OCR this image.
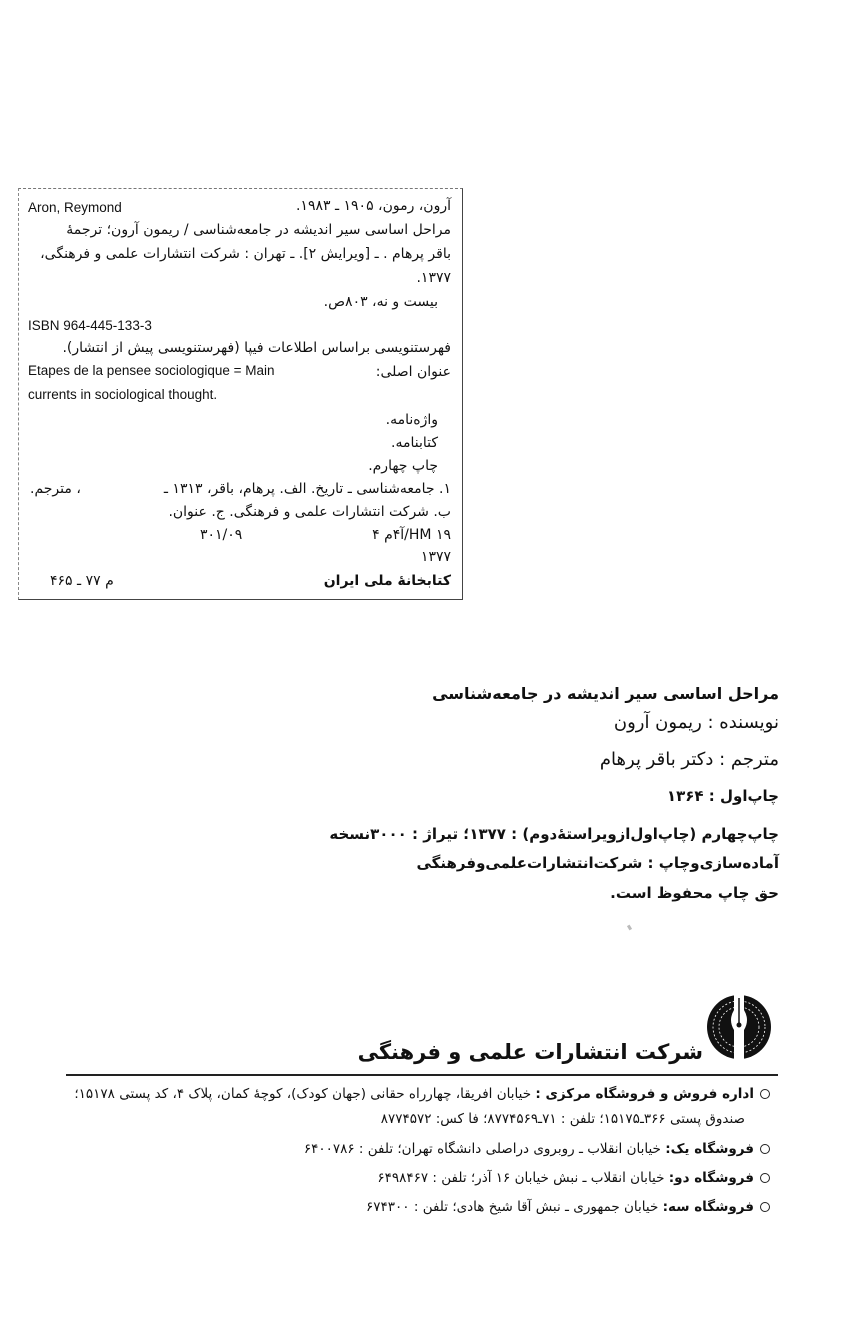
Aron, Reymond	آرون، رمون، ۱۹۰۵ ـ ۱۹۸۳.
مراحل اساسی سیر اندیشه در جامعه‌شناسی / ریمون آرون؛ ترجمهٔ
باقر پرهام . ـ [ویرایش ۲]. ـ تهران : شرکت انتشارات علمی و فرهنگی،
۱۳۷۷.
بیست و نه، ۸۰۳ص.
ISBN 964-445-133-3
فهرستنویسی براساس اطلاعات فیپا (فهرستنویسی پیش از انتشار).
عنوان اصلی:
Etapes de la pensee sociologique = Main
currents in sociological thought.
واژه‌نامه.
کتابنامه.
چاپ چهارم.
۱. جامعه‌شناسی ـ تاریخ. الف. پرهام، باقر، ۱۳۱۳ ـ
، مترجم.
ب. شرکت انتشارات علمی و فرهنگی. ج. عنوان.
HM ۱۹/آ۴م ۴
۳۰۱/۰۹
۱۳۷۷
کتابخانهٔ ملی ایران
م ۷۷ ـ ۴۶۵
مراحل اساسی سیر اندیشه در جامعه‌شناسی
نویسنده : ریمون آرون
مترجم : دکتر باقر پرهام
چاپ‌اول : ۱۳۶۴
چاپ‌چهارم (چاپ‌اول‌از‌ویراستهٔ‌دوم) : ۱۳۷۷؛ تیراژ : ۳۰۰۰نسخه
آماده‌سازی‌وچاپ : شرکت‌انتشارات‌علمی‌و‌فرهنگی
حق چاپ محفوظ است.
شرکت انتشارات علمی و فرهنگی
اداره فروش و فروشگاه مرکزی : خیابان افریقا، چهارراه حقانی (جهان کودک)، کوچهٔ کمان، پلاک ۴، کد پستی ۱۵۱۷۸؛
صندوق پستی ۳۶۶ـ۱۵۱۷۵؛ تلفن : ۷۱ـ۸۷۷۴۵۶۹؛ فا کس: ۸۷۷۴۵۷۲
فروشگاه یک: خیابان انقلاب ـ روبروی دراصلی دانشگاه تهران؛ تلفن : ۶۴۰۰۷۸۶
فروشگاه دو: خیابان انقلاب ـ نبش خیابان ۱۶ آذر؛ تلفن : ۶۴۹۸۴۶۷
فروشگاه سه: خیابان جمهوری ـ نبش آقا شیخ هادی؛ تلفن : ۶۷۴۳۰۰
